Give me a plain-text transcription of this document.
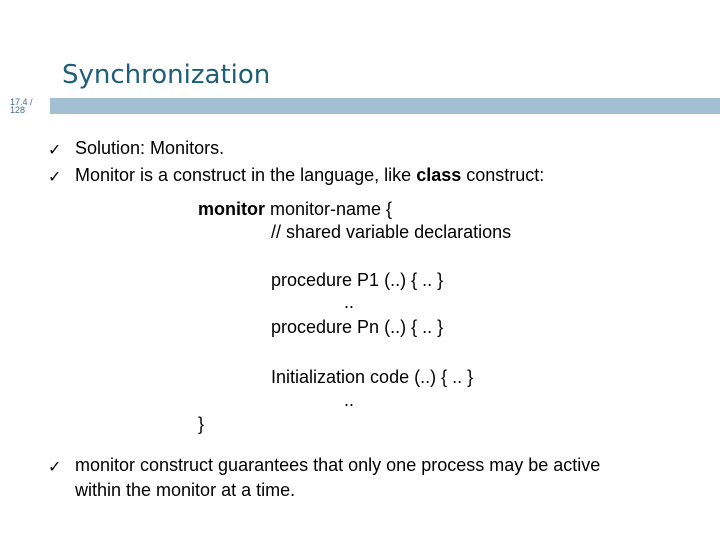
Synchronization
17.4 /
128
✓ Solution: Monitors.
✓ Monitor is a construct in the language, like class construct:
monitor monitor-name {
// shared variable declarations
procedure P1 (..) { .. }
..
procedure Pn (..) { .. }
Initialization code (..) { .. }
..
}
✓ monitor construct guarantees that only one process may be active
within the monitor at a time.
